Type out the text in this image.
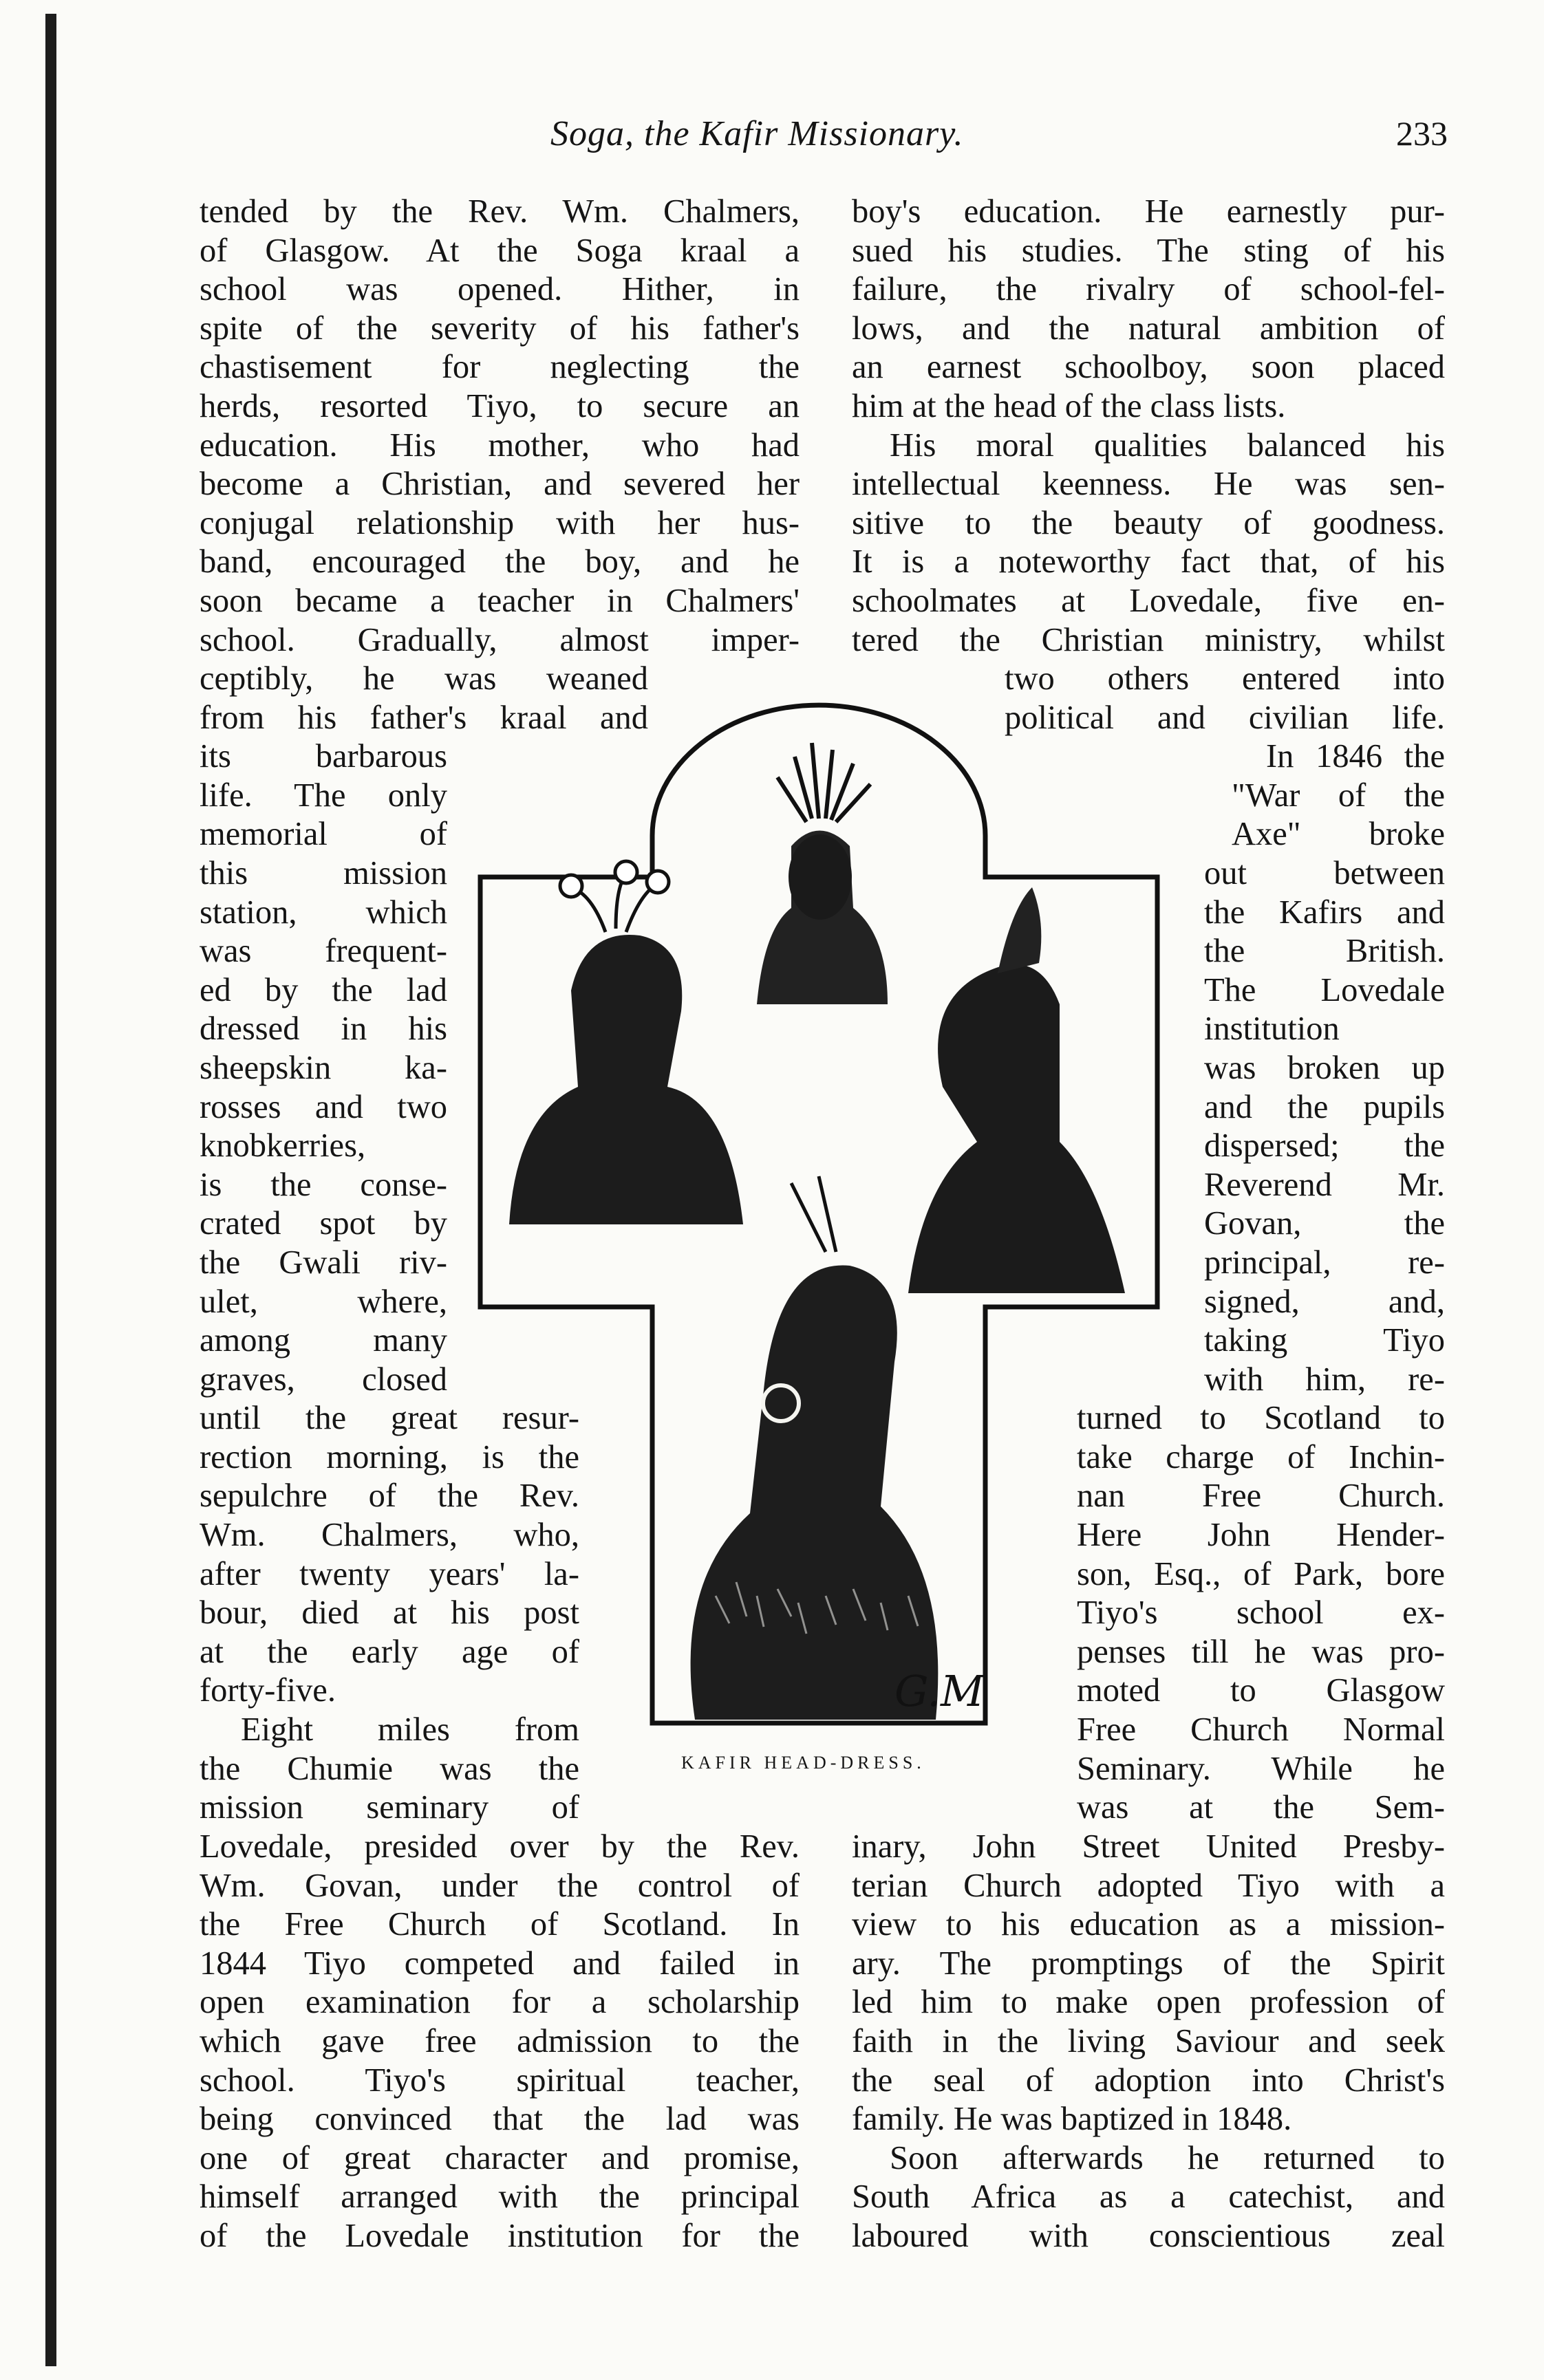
Soga, the Kafir Missionary.	233
tended by the Rev. Wm. Chalmers,
of Glasgow. At the Soga kraal a
school was opened. Hither, in
spite of the severity of his father's
chastisement for neglecting the
herds, resorted Tiyo, to secure an
education. His mother, who had
become a Christian, and severed her
conjugal relationship with her hus-
band, encouraged the boy, and he
soon became a teacher in Chalmers'
school. Gradually, almost imper-
ceptibly, he was weaned
from his father's kraal and
its barbarous
life. The only
memorial of
this mission
station, which
was frequent-
ed by the lad
dressed in his
sheepskin ka-
rosses and two
knobkerries,
is the conse-
crated spot by
the Gwali riv-
ulet, where,
among many
graves, closed
until the great resur-
rection morning, is the
sepulchre of the Rev.
Wm. Chalmers, who,
after twenty years' la-
bour, died at his post
at the early age of
forty-five.
Eight miles from
the Chumie was the
mission seminary of
Lovedale, presided over by the Rev.
Wm. Govan, under the control of
the Free Church of Scotland. In
1844 Tiyo competed and failed in
open examination for a scholarship
which gave free admission to the
school. Tiyo's spiritual teacher,
being convinced that the lad was
one of great character and promise,
himself arranged with the principal
of the Lovedale institution for the
boy's education. He earnestly pur-
sued his studies. The sting of his
failure, the rivalry of school-fel-
lows, and the natural ambition of
an earnest schoolboy, soon placed
him at the head of the class lists.
His moral qualities balanced his
intellectual keenness. He was sen-
sitive to the beauty of goodness.
It is a noteworthy fact that, of his
schoolmates at Lovedale, five en-
tered the Christian ministry, whilst
two others entered into
political and civilian life.
In 1846 the
"War of the
Axe" broke
out between
the Kafirs and
the British.
The Lovedale
institution
was broken up
and the pupils
dispersed; the
Reverend Mr.
Govan, the
principal, re-
signed, and,
taking Tiyo
with him, re-
turned to Scotland to
take charge of Inchin-
nan Free Church.
Here John Hender-
son, Esq., of Park, bore
Tiyo's school ex-
penses till he was pro-
moted to Glasgow
Free Church Normal
Seminary. While he
was at the Sem-
inary, John Street United Presby-
terian Church adopted Tiyo with a
view to his education as a mission-
ary. The promptings of the Spirit
led him to make open profession of
faith in the living Saviour and seek
the seal of adoption into Christ's
family. He was baptized in 1848.
Soon afterwards he returned to
South Africa as a catechist, and
laboured with conscientious zeal
G.M
KAFIR HEAD-DRESS.
